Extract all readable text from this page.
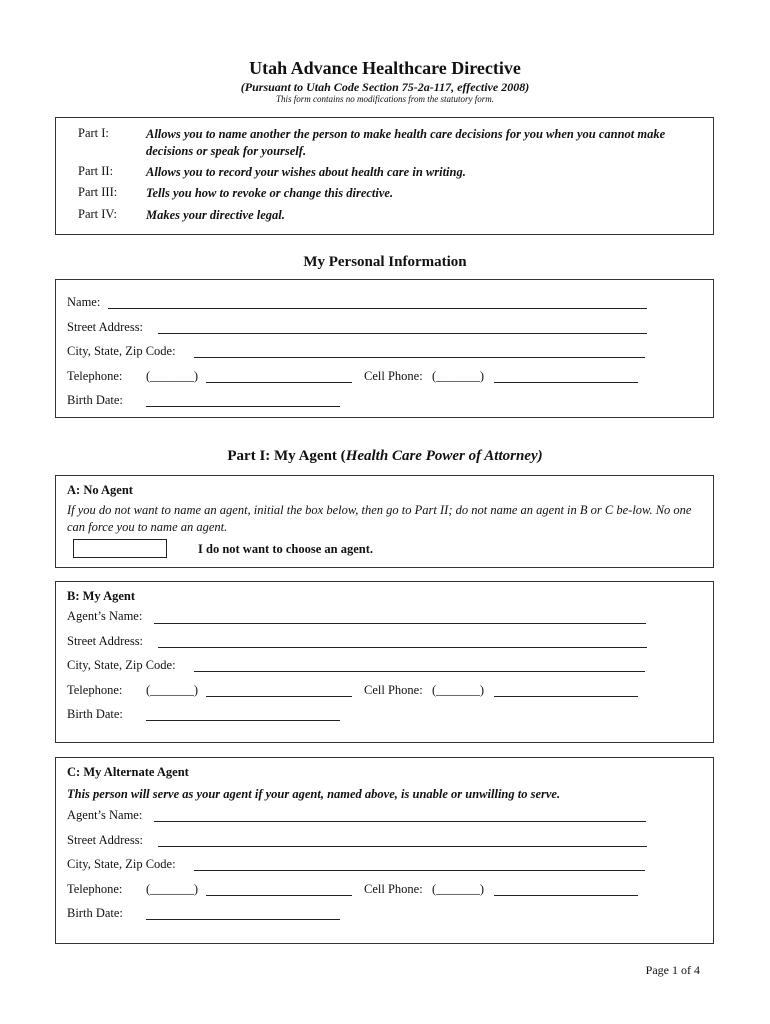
Utah Advance Healthcare Directive
(Pursuant to Utah Code Section 75-2a-117, effective 2008)
This form contains no modifications from the statutory form.
Part I:	Allows you to name another the person to make health care decisions for you when you cannot make decisions or speak for yourself.
Part II:	Allows you to record your wishes about health care in writing.
Part III:	Tells you how to revoke or change this directive.
Part IV:	Makes your directive legal.
My Personal Information
Name:
Street Address:
City, State, Zip Code:
Telephone: (_______)	Cell Phone: (_______)
Birth Date:
Part I: My Agent (Health Care Power of Attorney)
A: No Agent
If you do not want to name an agent, initial the box below, then go to Part II; do not name an agent in B or C be-low. No one can force you to name an agent.
I do not want to choose an agent.
B: My Agent
Agent’s Name:
Street Address:
City, State, Zip Code:
Telephone: (_______)	Cell Phone: (_______)
Birth Date:
C: My Alternate Agent
This person will serve as your agent if your agent, named above, is unable or unwilling to serve.
Agent’s Name:
Street Address:
City, State, Zip Code:
Telephone: (_______)	Cell Phone: (_______)
Birth Date:
Page 1 of 4
